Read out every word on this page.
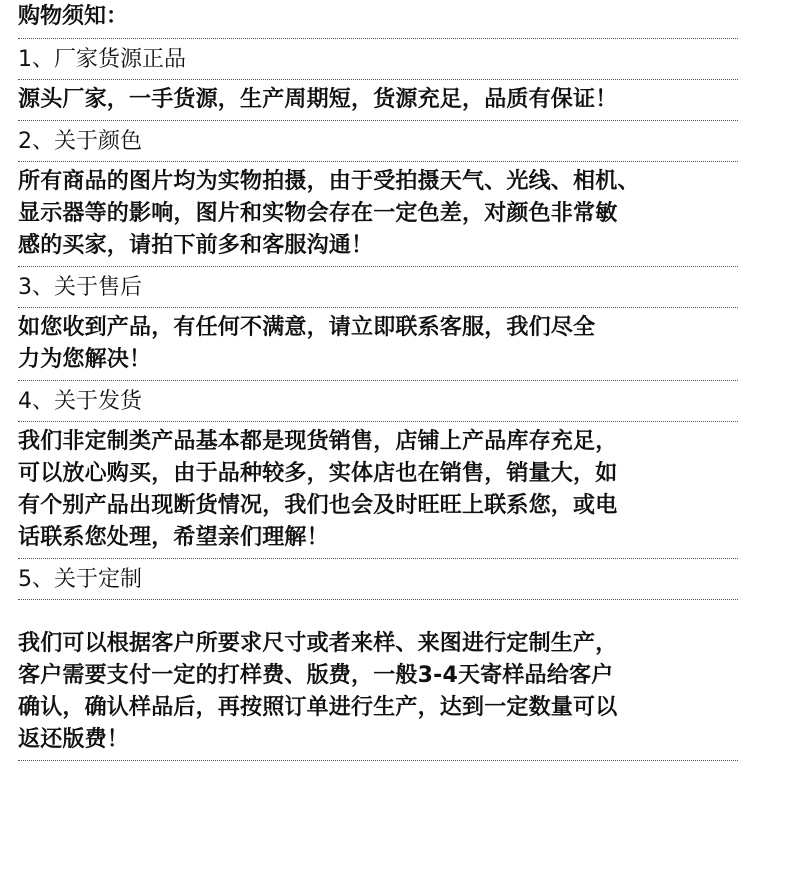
购物须知：
1、厂家货源正品
源头厂家，一手货源，生产周期短，货源充足，品质有保证！
2、关于颜色
所有商品的图片均为实物拍摄，由于受拍摄天气、光线、相机、
显示器等的影响，图片和实物会存在一定色差，对颜色非常敏
感的买家，请拍下前多和客服沟通！
3、关于售后
如您收到产品，有任何不满意，请立即联系客服，我们尽全
力为您解决！
4、关于发货
我们非定制类产品基本都是现货销售，店铺上产品库存充足，
可以放心购买，由于品种较多，实体店也在销售，销量大，如
有个别产品出现断货情况，我们也会及时旺旺上联系您，或电
话联系您处理，希望亲们理解！
5、关于定制
我们可以根据客户所要求尺寸或者来样、来图进行定制生产，
客户需要支付一定的打样费、版费，一般3-4天寄样品给客户
确认，确认样品后，再按照订单进行生产，达到一定数量可以
返还版费！
